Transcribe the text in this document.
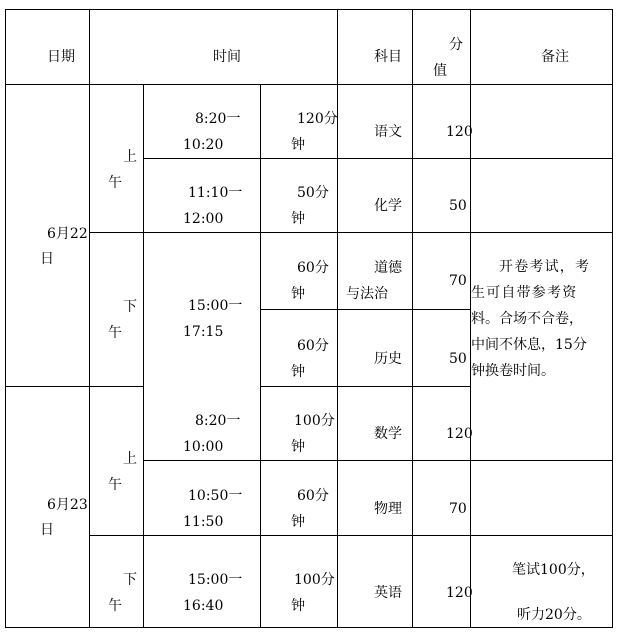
日期	时间	科目
分
值
备注
6月22
日
6月23
日
上
午
下
午
上
午
下
午
8:20一
10:20
11:10一
12:00
15:00一
17:15
8:20一
10:00
10:50一
11:50
15:00一
16:40
120分
钟
50分
钟
60分
钟
60分
钟
100分
钟
60分
钟
100分
钟
语文
化学
道德
与法治
历史
数学
物理
英语
120
50
70
50
120
70
120
开卷考试，考
生可自带参考资
料。合场不合卷，
中间不休息，15分
钟换卷时间。
笔试100分，
听力20分。
